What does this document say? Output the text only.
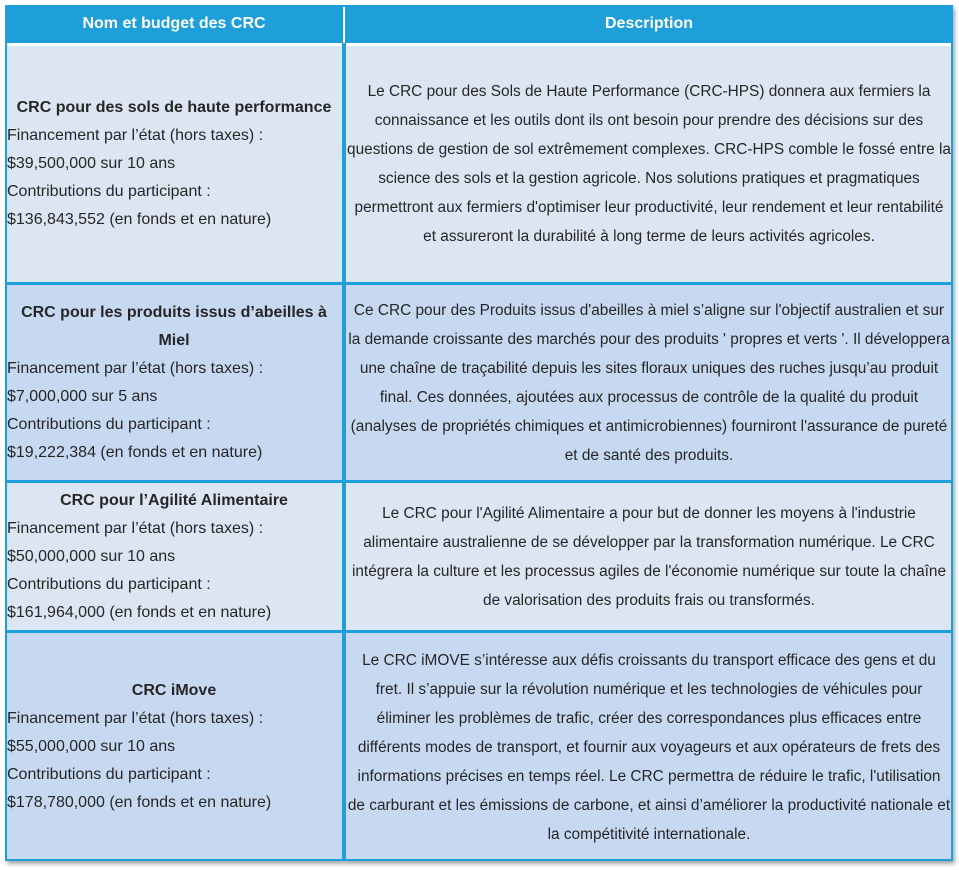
Nom et budget des CRC	Description
CRC pour des sols de haute performance
Financement par l’état (hors taxes) :
$39,500,000 sur 10 ans
Contributions du participant :
$136,843,552 (en fonds et en nature)

Le CRC pour des Sols de Haute Performance (CRC-HPS) donnera aux fermiers la connaissance et les outils dont ils ont besoin pour prendre des décisions sur des questions de gestion de sol extrêmement complexes. CRC-HPS comble le fossé entre la science des sols et la gestion agricole. Nos solutions pratiques et pragmatiques permettront aux fermiers d'optimiser leur productivité, leur rendement et leur rentabilité et assureront la durabilité à long terme de leurs activités agricoles.

CRC pour les produits issus d’abeilles à Miel
Financement par l’état (hors taxes) :
$7,000,000 sur 5 ans
Contributions du participant :
$19,222,384 (en fonds et en nature)

Ce CRC pour des Produits issus d'abeilles à miel s’aligne sur l'objectif australien et sur la demande croissante des marchés pour des produits ' propres et verts '. Il développera une chaîne de traçabilité depuis les sites floraux uniques des ruches jusqu’au produit final. Ces données, ajoutées aux processus de contrôle de la qualité du produit (analyses de propriétés chimiques et antimicrobiennes) fourniront l'assurance de pureté et de santé des produits.

CRC pour l’Agilité Alimentaire
Financement par l’état (hors taxes) :
$50,000,000 sur 10 ans
Contributions du participant :
$161,964,000 (en fonds et en nature)

Le CRC pour l'Agilité Alimentaire a pour but de donner les moyens à l'industrie alimentaire australienne de se développer par la transformation numérique. Le CRC intégrera la culture et les processus agiles de l'économie numérique sur toute la chaîne de valorisation des produits frais ou transformés.

CRC iMove
Financement par l’état (hors taxes) :
$55,000,000 sur 10 ans
Contributions du participant :
$178,780,000 (en fonds et en nature)

Le CRC iMOVE s’intéresse aux défis croissants du transport efficace des gens et du fret. Il s’appuie sur la révolution numérique et les technologies de véhicules pour éliminer les problèmes de trafic, créer des correspondances plus efficaces entre différents modes de transport, et fournir aux voyageurs et aux opérateurs de frets des informations précises en temps réel. Le CRC permettra de réduire le trafic, l'utilisation de carburant et les émissions de carbone, et ainsi d’améliorer la productivité nationale et la compétitivité internationale.
